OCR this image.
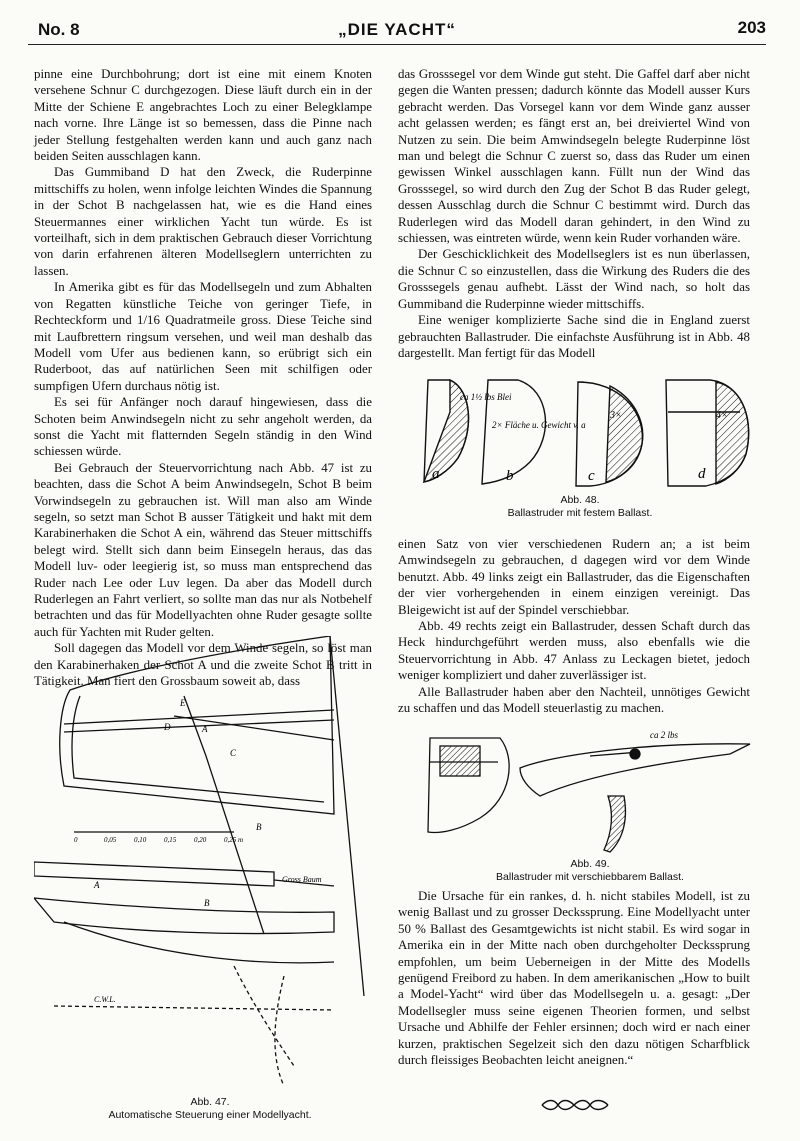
No. 8	„DIE YACHT“	203

pinne eine Durchbohrung; dort ist eine mit einem Knoten versehene Schnur C durchgezogen. Diese läuft durch ein in der Mitte der Schiene E angebrachtes Loch zu einer Belegklampe nach vorne. Ihre Länge ist so bemessen, dass die Pinne nach jeder Stellung festgehalten werden kann und auch ganz nach beiden Seiten ausschlagen kann.

Das Gummiband D hat den Zweck, die Ruderpinne mittschiffs zu holen, wenn infolge leichten Windes die Spannung in der Schot B nachgelassen hat, wie es die Hand eines Steuermannes einer wirklichen Yacht tun würde. Es ist vorteilhaft, sich in dem praktischen Gebrauch dieser Vorrichtung von darin erfahrenen älteren Modellseglern unterrichten zu lassen.

In Amerika gibt es für das Modellsegeln und zum Abhalten von Regatten künstliche Teiche von geringer Tiefe, in Rechteckform und 1/16 Quadratmeile gross. Diese Teiche sind mit Laufbrettern ringsum versehen, und weil man deshalb das Modell vom Ufer aus bedienen kann, so erübrigt sich ein Ruderboot, das auf natürlichen Seen mit schilfigen oder sumpfigen Ufern durchaus nötig ist.

Es sei für Anfänger noch darauf hingewiesen, dass die Schoten beim Anwindsegeln nicht zu sehr angeholt werden, da sonst die Yacht mit flatternden Segeln ständig in den Wind schiessen würde.

Bei Gebrauch der Steuervorrichtung nach Abb. 47 ist zu beachten, dass die Schot A beim Anwindsegeln, Schot B beim Vorwindsegeln zu gebrauchen ist. Will man also am Winde segeln, so setzt man Schot B ausser Tätigkeit und hakt mit dem Karabinerhaken die Schot A ein, während das Steuer mittschiffs belegt wird. Stellt sich dann beim Einsegeln heraus, das das Modell luv- oder leegierig ist, so muss man entsprechend das Ruder nach Lee oder Luv legen. Da aber das Modell durch Ruderlegen an Fahrt verliert, so sollte man das nur als Notbehelf betrachten und das für Modellyachten ohne Ruder gesagte sollte auch für Yachten mit Ruder gelten.

Soll dagegen das Modell vor dem Winde segeln, so löst man den Karabinerhaken der Schot A und die zweite Schot B tritt in Tätigkeit. Man fiert den Grossbaum soweit ab, dass

das Grosssegel vor dem Winde gut steht. Die Gaffel darf aber nicht gegen die Wanten pressen; dadurch könnte das Modell ausser Kurs gebracht werden. Das Vorsegel kann vor dem Winde ganz ausser acht gelassen werden; es fängt erst an, bei dreiviertel Wind von Nutzen zu sein. Die beim Amwindsegeln belegte Ruderpinne löst man und belegt die Schnur C zuerst so, dass das Ruder um einen gewissen Winkel ausschlagen kann. Füllt nun der Wind das Grosssegel, so wird durch den Zug der Schot B das Ruder gelegt, dessen Ausschlag durch die Schnur C bestimmt wird. Durch das Ruderlegen wird das Modell daran gehindert, in den Wind zu schiessen, was eintreten würde, wenn kein Ruder vorhanden wäre.

Der Geschicklichkeit des Modellseglers ist es nun überlassen, die Schnur C so einzustellen, dass die Wirkung des Ruders die des Grosssegels genau aufhebt. Lässt der Wind nach, so holt das Gummiband die Ruderpinne wieder mittschiffs.

Eine weniger komplizierte Sache sind die in England zuerst gebrauchten Ballastruder. Die einfachste Ausführung ist in Abb. 48 dargestellt. Man fertigt für das Modell

a	b	c	d
ca 1½ lbs Blei
2× Fläche u. Gewicht v. a
3×	4×
Abb. 48.
Ballastruder mit festem Ballast.

einen Satz von vier verschiedenen Rudern an; a ist beim Amwindsegeln zu gebrauchen, d dagegen wird vor dem Winde benutzt. Abb. 49 links zeigt ein Ballastruder, das die Eigenschaften der vier vorhergehenden in einem einzigen vereinigt. Das Bleigewicht ist auf der Spindel verschiebbar.

Abb. 49 rechts zeigt ein Ballastruder, dessen Schaft durch das Heck hindurchgeführt werden muss, also ebenfalls wie die Steuervorrichtung in Abb. 47 Anlass zu Leckagen bietet, jedoch weniger kompliziert und daher zuverlässiger ist.

Alle Ballastruder haben aber den Nachteil, unnötiges Gewicht zu schaffen und das Modell steuerlastig zu machen.

ca 2 lbs
Abb. 49.
Ballastruder mit verschiebbarem Ballast.

Die Ursache für ein rankes, d. h. nicht stabiles Modell, ist zu wenig Ballast und zu grosser Deckssprung. Eine Modellyacht unter 50 % Ballast des Gesamtgewichts ist nicht stabil. Es wird sogar in Amerika ein in der Mitte nach oben durchgeholter Deckssprung empfohlen, um beim Ueberneigen in der Mitte des Modells genügend Freibord zu haben. In dem amerikanischen „How to built a Model-Yacht“ wird über das Modellsegeln u. a. gesagt: „Der Modellsegler muss seine eigenen Theorien formen, und selbst Ursache und Abhilfe der Fehler ersinnen; doch wird er nach einer kurzen, praktischen Segelzeit sich den dazu nötigen Scharfblick durch fleissiges Beobachten leicht aneignen.“

E
D	A
C
B
Gross Baum
A
B
C.W.L.
0	0,05	0,10	0,15	0,20	0,25 m
Abb. 47.
Automatische Steuerung einer Modellyacht.
